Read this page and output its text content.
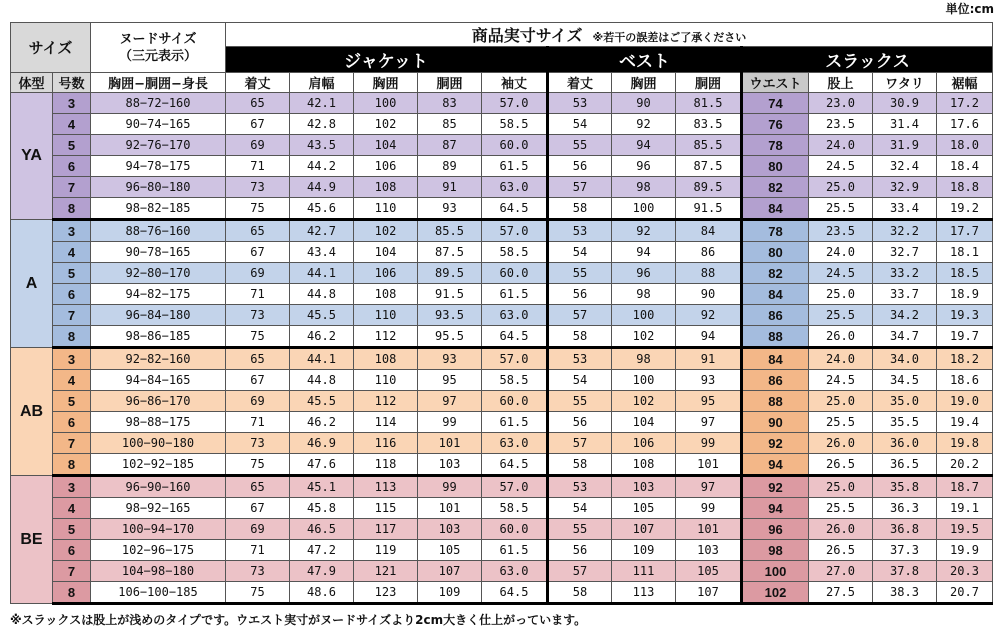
単位:cm
サイズ		ヌードサイズ
（三元表示）	商品実寸サイズ ※若干の誤差はご了承ください											
			ジャケット					ベスト			スラックス			
体型	号数	胸囲−胴囲−身長	着丈	肩幅	胸囲	胴囲	袖丈	着丈	胸囲	胴囲	ウエスト	股上	ワタリ	裾幅
YA	3	88−72−160	65	42.1	100	83	57.0	53	90	81.5	74	23.0	30.9	17.2
	4	90−74−165	67	42.8	102	85	58.5	54	92	83.5	76	23.5	31.4	17.6
	5	92−76−170	69	43.5	104	87	60.0	55	94	85.5	78	24.0	31.9	18.0
	6	94−78−175	71	44.2	106	89	61.5	56	96	87.5	80	24.5	32.4	18.4
	7	96−80−180	73	44.9	108	91	63.0	57	98	89.5	82	25.0	32.9	18.8
	8	98−82−185	75	45.6	110	93	64.5	58	100	91.5	84	25.5	33.4	19.2
A	3	88−76−160	65	42.7	102	85.5	57.0	53	92	84	78	23.5	32.2	17.7
	4	90−78−165	67	43.4	104	87.5	58.5	54	94	86	80	24.0	32.7	18.1
	5	92−80−170	69	44.1	106	89.5	60.0	55	96	88	82	24.5	33.2	18.5
	6	94−82−175	71	44.8	108	91.5	61.5	56	98	90	84	25.0	33.7	18.9
	7	96−84−180	73	45.5	110	93.5	63.0	57	100	92	86	25.5	34.2	19.3
	8	98−86−185	75	46.2	112	95.5	64.5	58	102	94	88	26.0	34.7	19.7
AB	3	92−82−160	65	44.1	108	93	57.0	53	98	91	84	24.0	34.0	18.2
	4	94−84−165	67	44.8	110	95	58.5	54	100	93	86	24.5	34.5	18.6
	5	96−86−170	69	45.5	112	97	60.0	55	102	95	88	25.0	35.0	19.0
	6	98−88−175	71	46.2	114	99	61.5	56	104	97	90	25.5	35.5	19.4
	7	100−90−180	73	46.9	116	101	63.0	57	106	99	92	26.0	36.0	19.8
	8	102−92−185	75	47.6	118	103	64.5	58	108	101	94	26.5	36.5	20.2
BE	3	96−90−160	65	45.1	113	99	57.0	53	103	97	92	25.0	35.8	18.7
	4	98−92−165	67	45.8	115	101	58.5	54	105	99	94	25.5	36.3	19.1
	5	100−94−170	69	46.5	117	103	60.0	55	107	101	96	26.0	36.8	19.5
	6	102−96−175	71	47.2	119	105	61.5	56	109	103	98	26.5	37.3	19.9
	7	104−98−180	73	47.9	121	107	63.0	57	111	105	100	27.0	37.8	20.3
	8	106−100−185	75	48.6	123	109	64.5	58	113	107	102	27.5	38.3	20.7
※スラックスは股上が浅めのタイプです。ウエスト実寸がヌードサイズより2cm大きく仕上がっています。
